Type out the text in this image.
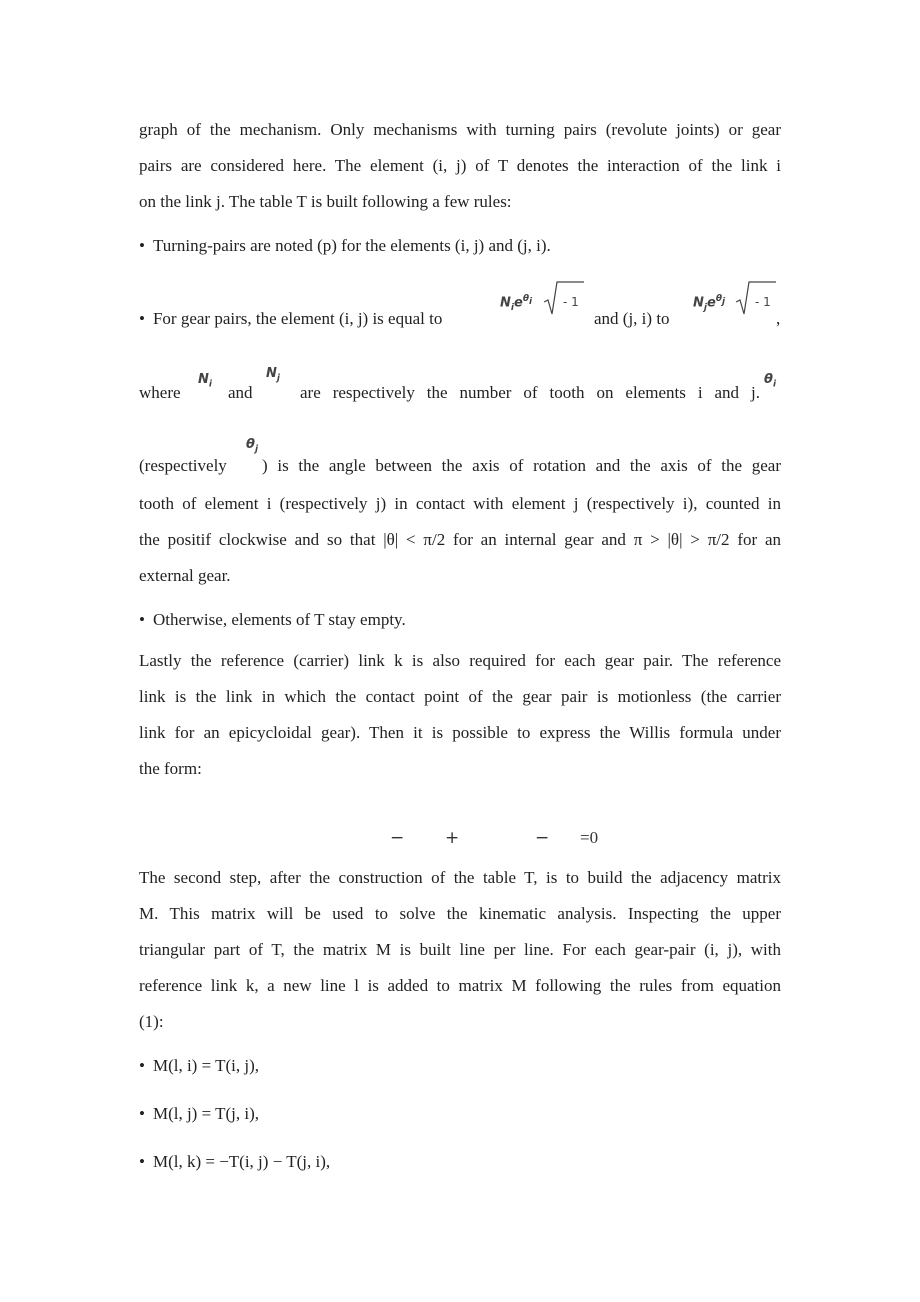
graph of the mechanism. Only mechanisms with turning pairs (revolute joints) or gear
pairs are considered here. The element (i, j) of T denotes the interaction of the link i
on the link j. The table T is built following a few rules:
• Turning-pairs are noted (p) for the elements (i, j) and (j, i).
• For gear pairs, the element (i, j) is equal to
$N_ie^{\theta_i}$	- 1
and (j, i) to
$N_je^{\theta_j} - 1$
,
where
$N_i$ and
$N_j$
are respectively the number of tooth on elements i and j.
$\theta_i$
(respectively
$\theta_j$
) is the angle between the axis of rotation and the axis of the gear
tooth of element i (respectively j) in contact with element j (respectively i), counted in
the positif clockwise and so that |θ| < π/2 for an internal gear and π > |θ| > π/2 for an
external gear.
• Otherwise, elements of T stay empty.
Lastly the reference (carrier) link k is also required for each gear pair. The reference
link is the link in which the contact point of the gear pair is motionless (the carrier
link for an epicycloidal gear). Then it is possible to express the Willis formula under
the form:
− +	− =0
The second step, after the construction of the table T, is to build the adjacency matrix
M. This matrix will be used to solve the kinematic analysis. Inspecting the upper
triangular part of T, the matrix M is built line per line. For each gear-pair (i, j), with
reference link k, a new line l is added to matrix M following the rules from equation
(1):
• M(l, i) = T(i, j),
• M(l, j) = T(j, i),
• M(l, k) = −T(i, j) − T(j, i),
